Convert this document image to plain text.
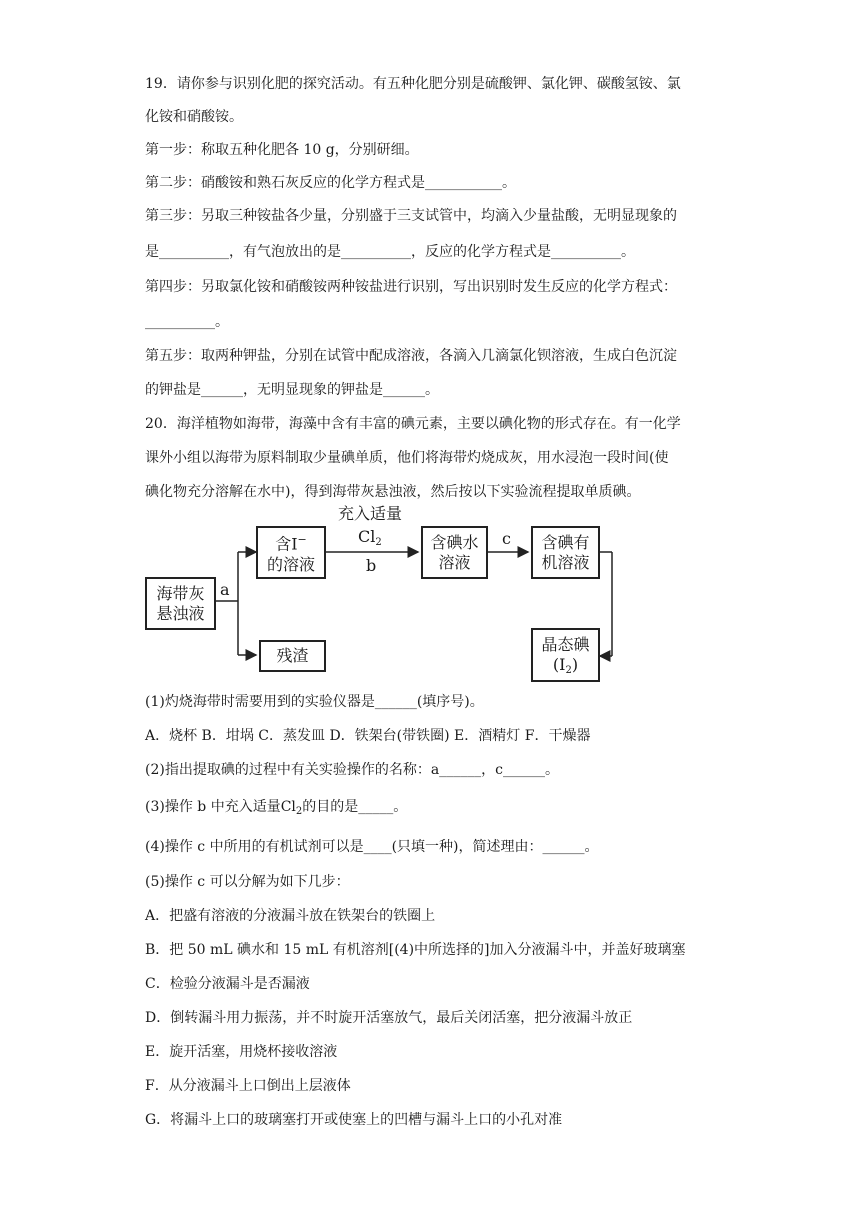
19．请你参与识别化肥的探究活动。有五种化肥分别是硫酸钾、氯化钾、碳酸氢铵、氯
化铵和硝酸铵。
第一步：称取五种化肥各 10 g，分别研细。
第二步：硝酸铵和熟石灰反应的化学方程式是___________。
第三步：另取三种铵盐各少量，分别盛于三支试管中，均滴入少量盐酸，无明显现象的
是__________，有气泡放出的是__________，反应的化学方程式是__________。
第四步：另取氯化铵和硝酸铵两种铵盐进行识别，写出识别时发生反应的化学方程式：
__________。
第五步：取两种钾盐，分别在试管中配成溶液，各滴入几滴氯化钡溶液，生成白色沉淀
的钾盐是______，无明显现象的钾盐是______。
20．海洋植物如海带，海藻中含有丰富的碘元素，主要以碘化物的形式存在。有一化学
课外小组以海带为原料制取少量碘单质，他们将海带灼烧成灰，用水浸泡一段时间(使
碘化物充分溶解在水中)，得到海带灰悬浊液，然后按以下实验流程提取单质碘。
海带灰
悬浊液
a
含I−
的溶液
充入适量
$Cl_2$
b
含碘水
溶液
c 含碘有
机溶液
残渣
晶态碘
$(I_2)$
(1)灼烧海带时需要用到的实验仪器是______(填序号)。
A．烧杯 B．坩埚 C．蒸发皿 D．铁架台(带铁圈) E．酒精灯 F．干燥器
(2)指出提取碘的过程中有关实验操作的名称：a______，c______。
(3)操作 b 中充入适量$Cl_2$的目的是_____。
(4)操作 c 中所用的有机试剂可以是____(只填一种)，简述理由：______。
(5)操作 c 可以分解为如下几步：
A．把盛有溶液的分液漏斗放在铁架台的铁圈上
B．把 50 mL 碘水和 15 mL 有机溶剂[(4)中所选择的]加入分液漏斗中，并盖好玻璃塞
C．检验分液漏斗是否漏液
D．倒转漏斗用力振荡，并不时旋开活塞放气，最后关闭活塞，把分液漏斗放正
E．旋开活塞，用烧杯接收溶液
F．从分液漏斗上口倒出上层液体
G．将漏斗上口的玻璃塞打开或使塞上的凹槽与漏斗上口的小孔对准
